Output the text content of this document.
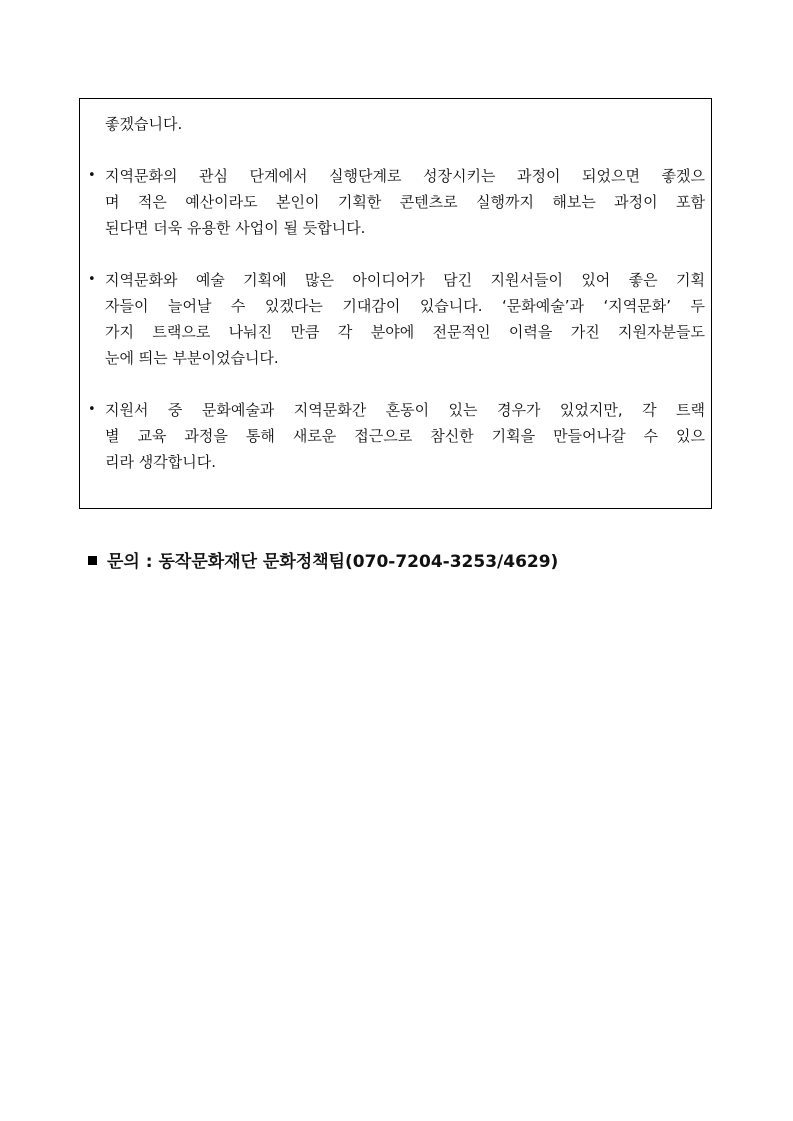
좋겠습니다.
• 지역문화의 관심 단계에서 실행단계로 성장시키는 과정이 되었으면 좋겠으
며 적은 예산이라도 본인이 기획한 콘텐츠로 실행까지 해보는 과정이 포함
된다면 더욱 유용한 사업이 될 듯합니다.
• 지역문화와 예술 기획에 많은 아이디어가 담긴 지원서들이 있어 좋은 기획
자들이 늘어날 수 있겠다는 기대감이 있습니다. ‘문화예술’과 ‘지역문화’ 두
가지 트랙으로 나눠진 만큼 각 분야에 전문적인 이력을 가진 지원자분들도
눈에 띄는 부분이었습니다.
• 지원서 중 문화예술과 지역문화간 혼동이 있는 경우가 있었지만, 각 트랙
별 교육 과정을 통해 새로운 접근으로 참신한 기획을 만들어나갈 수 있으
리라 생각합니다.
문의 : 동작문화재단 문화정책팀(070-7204-3253/4629)
